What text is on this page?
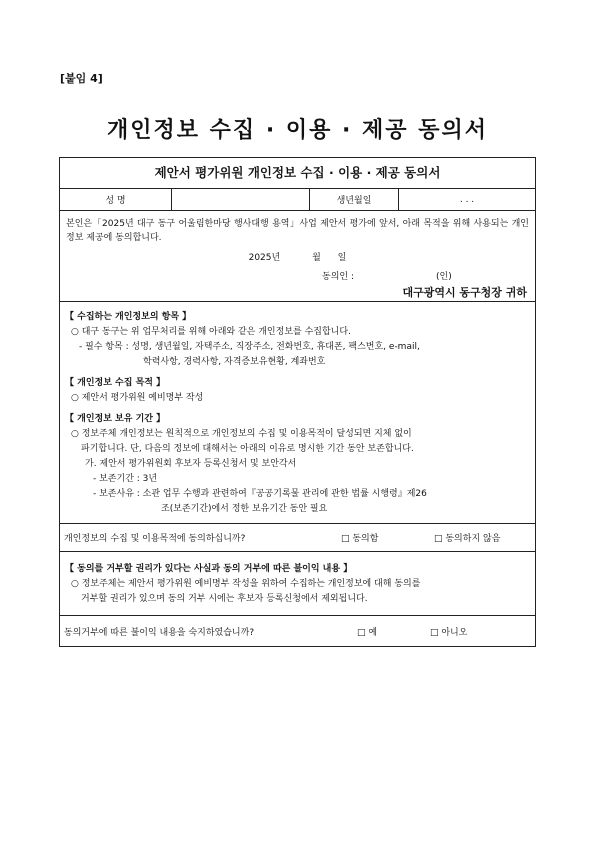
[붙임 4]
개인정보 수집 · 이용 · 제공 동의서
제안서 평가위원 개인정보 수집 · 이용 · 제공 동의서
성 명	생년월일	. . .
본인은「2025년 대구 동구 어울림한마당 행사대행 용역」사업 제안서 평가에 앞서, 아래 목적을 위해 사용되는 개인정보 제공에 동의합니다.
2025년	월 일
동의인 :	(인)
대구광역시 동구청장 귀하
【 수집하는 개인정보의 항목 】
○ 대구 동구는 위 업무처리를 위해 아래와 같은 개인정보를 수집합니다.
- 필수 항목 : 성명, 생년월일, 자택주소, 직장주소, 전화번호, 휴대폰, 팩스번호, e-mail,
학력사항, 경력사항, 자격증보유현황, 계좌번호
【 개인정보 수집 목적 】
○ 제안서 평가위원 예비명부 작성
【 개인정보 보유 기간 】
○ 정보주체 개인정보는 원칙적으로 개인정보의 수집 및 이용목적이 달성되면 지체 없이
파기합니다. 단, 다음의 정보에 대해서는 아래의 이유로 명시한 기간 동안 보존합니다.
가. 제안서 평가위원회 후보자 등록신청서 및 보안각서
- 보존기간 : 3년
- 보존사유 : 소관 업무 수행과 관련하여『공공기록물 관리에 관한 법률 시행령』제26
조(보존기간)에서 정한 보유기간 동안 필요
개인정보의 수집 및 이용목적에 동의하십니까?	□ 동의함	□ 동의하지 않음
【 동의를 거부할 권리가 있다는 사실과 동의 거부에 따른 불이익 내용 】
○ 정보주체는 제안서 평가위원 예비명부 작성을 위하여 수집하는 개인정보에 대해 동의를
거부할 권리가 있으며 동의 거부 시에는 후보자 등록신청에서 제외됩니다.
동의거부에 따른 불이익 내용을 숙지하였습니까?	□ 예	□ 아니오
